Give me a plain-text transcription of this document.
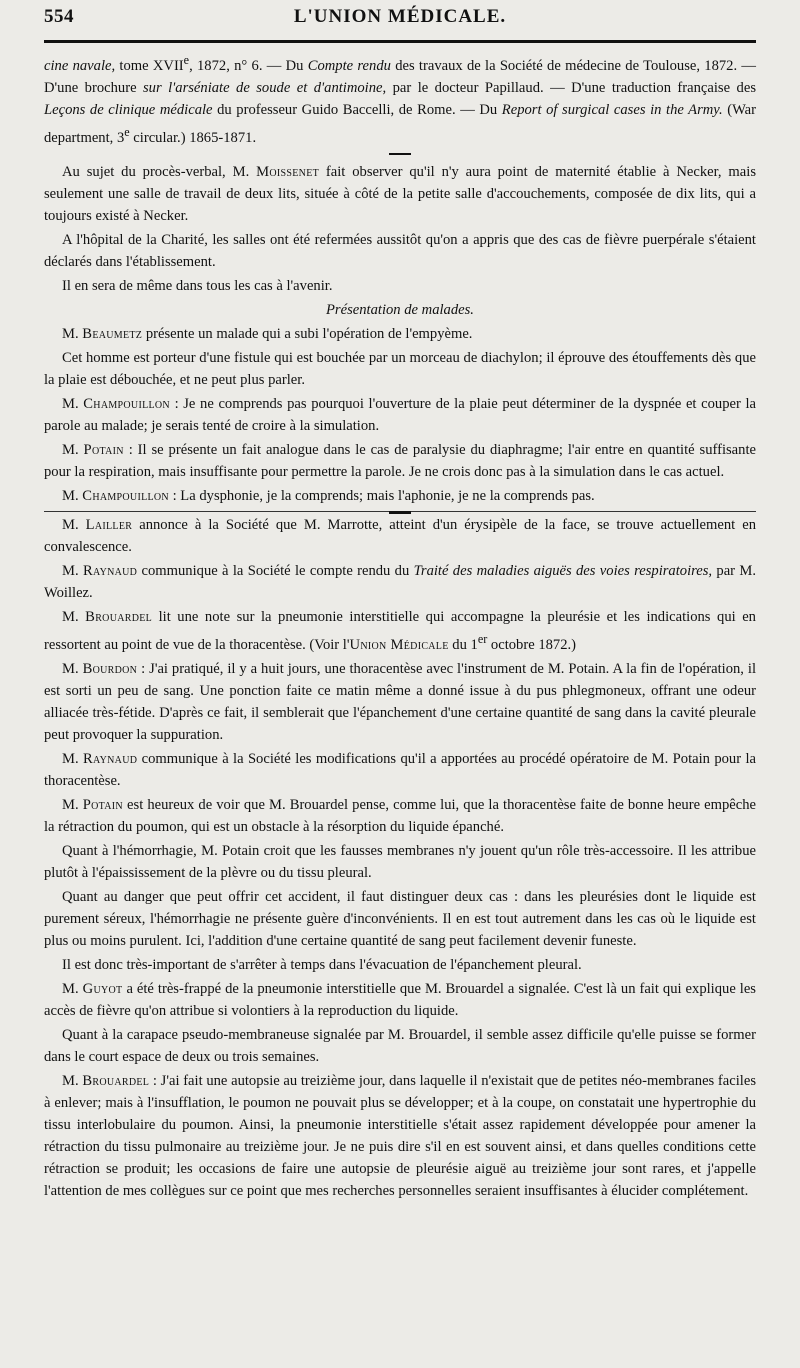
554	L'UNION MÉDICALE.

cine navale, tome XVIIe, 1872, n° 6. — Du Compte rendu des travaux de la Société de médecine de Toulouse, 1872. — D'une brochure sur l'arséniate de soude et d'antimoine, par le docteur Papillaud. — D'une traduction française des Leçons de clinique médicale du professeur Guido Baccelli, de Rome. — Du Report of surgical cases in the Army. (War department, 3e circular.) 1865-1871.

Au sujet du procès-verbal, M. Moissenet fait observer qu'il n'y aura point de maternité établie à Necker, mais seulement une salle de travail de deux lits, située à côté de la petite salle d'accouchements, composée de dix lits, qui a toujours existé à Necker.

A l'hôpital de la Charité, les salles ont été refermées aussitôt qu'on a appris que des cas de fièvre puerpérale s'étaient déclarés dans l'établissement.

Il en sera de même dans tous les cas à l'avenir.

Présentation de malades.

M. Beaumetz présente un malade qui a subi l'opération de l'empyème.

Cet homme est porteur d'une fistule qui est bouchée par un morceau de diachylon; il éprouve des étouffements dès que la plaie est débouchée, et ne peut plus parler.

M. Champouillon : Je ne comprends pas pourquoi l'ouverture de la plaie peut déterminer de la dyspnée et couper la parole au malade; je serais tenté de croire à la simulation.

M. Potain : Il se présente un fait analogue dans le cas de paralysie du diaphragme; l'air entre en quantité suffisante pour la respiration, mais insuffisante pour permettre la parole. Je ne crois donc pas à la simulation dans le cas actuel.

M. Champouillon : La dysphonie, je la comprends; mais l'aphonie, je ne la comprends pas.

M. Lailler annonce à la Société que M. Marrotte, atteint d'un érysipèle de la face, se trouve actuellement en convalescence.

M. Raynaud communique à la Société le compte rendu du Traité des maladies aiguës des voies respiratoires, par M. Woillez.

M. Brouardel lit une note sur la pneumonie interstitielle qui accompagne la pleurésie et les indications qui en ressortent au point de vue de la thoracentèse. (Voir l'Union Médicale du 1er octobre 1872.)

M. Bourdon : J'ai pratiqué, il y a huit jours, une thoracentèse avec l'instrument de M. Potain. A la fin de l'opération, il est sorti un peu de sang. Une ponction faite ce matin même a donné issue à du pus phlegmoneux, offrant une odeur alliacée très-fétide. D'après ce fait, il semblerait que l'épanchement d'une certaine quantité de sang dans la cavité pleurale peut provoquer la suppuration.

M. Raynaud communique à la Société les modifications qu'il a apportées au procédé opératoire de M. Potain pour la thoracentèse.

M. Potain est heureux de voir que M. Brouardel pense, comme lui, que la thoracentèse faite de bonne heure empêche la rétraction du poumon, qui est un obstacle à la résorption du liquide épanché.

Quant à l'hémorrhagie, M. Potain croit que les fausses membranes n'y jouent qu'un rôle très-accessoire. Il les attribue plutôt à l'épaississement de la plèvre ou du tissu pleural.

Quant au danger que peut offrir cet accident, il faut distinguer deux cas : dans les pleurésies dont le liquide est purement séreux, l'hémorrhagie ne présente guère d'inconvénients. Il en est tout autrement dans les cas où le liquide est plus ou moins purulent. Ici, l'addition d'une certaine quantité de sang peut facilement devenir funeste.

Il est donc très-important de s'arrêter à temps dans l'évacuation de l'épanchement pleural.

M. Guyot a été très-frappé de la pneumonie interstitielle que M. Brouardel a signalée. C'est là un fait qui explique les accès de fièvre qu'on attribue si volontiers à la reproduction du liquide.

Quant à la carapace pseudo-membraneuse signalée par M. Brouardel, il semble assez difficile qu'elle puisse se former dans le court espace de deux ou trois semaines.

M. Brouardel : J'ai fait une autopsie au treizième jour, dans laquelle il n'existait que de petites néo-membranes faciles à enlever; mais à l'insufflation, le poumon ne pouvait plus se développer; et à la coupe, on constatait une hypertrophie du tissu interlobulaire du poumon. Ainsi, la pneumonie interstitielle s'était assez rapidement développée pour amener la rétraction du tissu pulmonaire au treizième jour. Je ne puis dire s'il en est souvent ainsi, et dans quelles conditions cette rétraction se produit; les occasions de faire une autopsie de pleurésie aiguë au treizième jour sont rares, et j'appelle l'attention de mes collègues sur ce point que mes recherches personnelles seraient insuffisantes à élucider complétement.
